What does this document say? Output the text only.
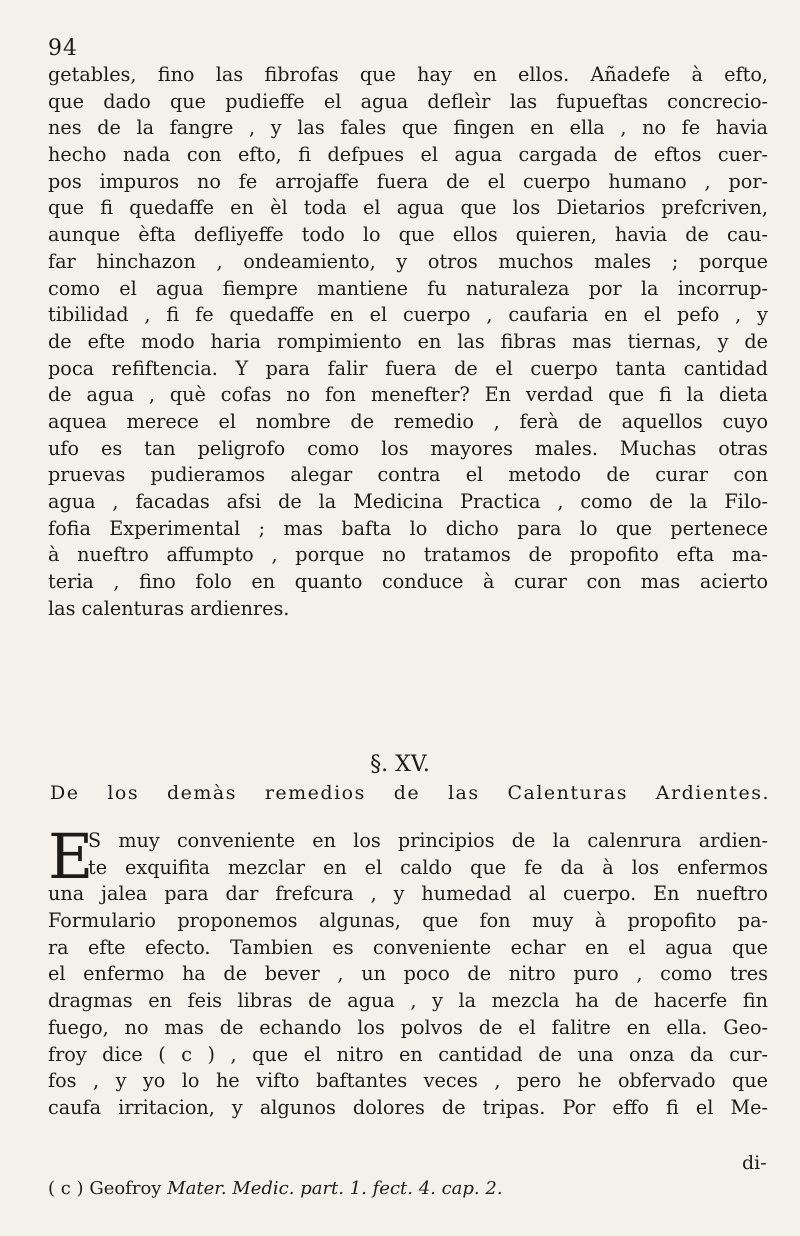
94
getables, fino las fibrofas que hay en ellos. Añadefe à efto,
que dado que pudieffe el agua defleìr las fupueftas concrecio-
nes de la fangre , y las fales que fingen en ella , no fe havia
hecho nada con efto, fi defpues el agua cargada de eftos cuer-
pos impuros no fe arrojaffe fuera de el cuerpo humano , por-
que fi quedaffe en èl toda el agua que los Dietarios prefcriven,
aunque èfta defliyeffe todo lo que ellos quieren, havia de cau-
far hinchazon , ondeamiento, y otros muchos males ; porque
como el agua fiempre mantiene fu naturaleza por la incorrup-
tibilidad , fi fe quedaffe en el cuerpo , caufaria en el pefo , y
de efte modo haria rompimiento en las fibras mas tiernas, y de
poca refiftencia. Y para falir fuera de el cuerpo tanta cantidad
de agua , què cofas no fon menefter? En verdad que fi la dieta
aquea merece el nombre de remedio , ferà de aquellos cuyo
ufo es tan peligrofo como los mayores males. Muchas otras
pruevas pudieramos alegar contra el metodo de curar con
agua , facadas afsi de la Medicina Practica , como de la Filo-
fofia Experimental ; mas bafta lo dicho para lo que pertenece
à nueftro affumpto , porque no tratamos de propofito efta ma-
teria , fino folo en quanto conduce à curar con mas acierto
las calenturas ardienres.
§. XV.
De los demàs remedios de las Calenturas Ardientes.
E
S muy conveniente en los principios de la calenrura ardien-
te exquifita mezclar en el caldo que fe da à los enfermos
una jalea para dar frefcura , y humedad al cuerpo. En nueftro
Formulario proponemos algunas, que fon muy à propofito pa-
ra efte efecto. Tambien es conveniente echar en el agua que
el enfermo ha de bever , un poco de nitro puro , como tres
dragmas en feis libras de agua , y la mezcla ha de hacerfe fin
fuego, no mas de echando los polvos de el falitre en ella. Geo-
froy dice ( c ) , que el nitro en cantidad de una onza da cur-
fos , y yo lo he vifto baftantes veces , pero he obfervado que
caufa irritacion, y algunos dolores de tripas. Por effo fi el Me-
di-
( c ) Geofroy Mater. Medic. part. 1. fect. 4. cap. 2.
